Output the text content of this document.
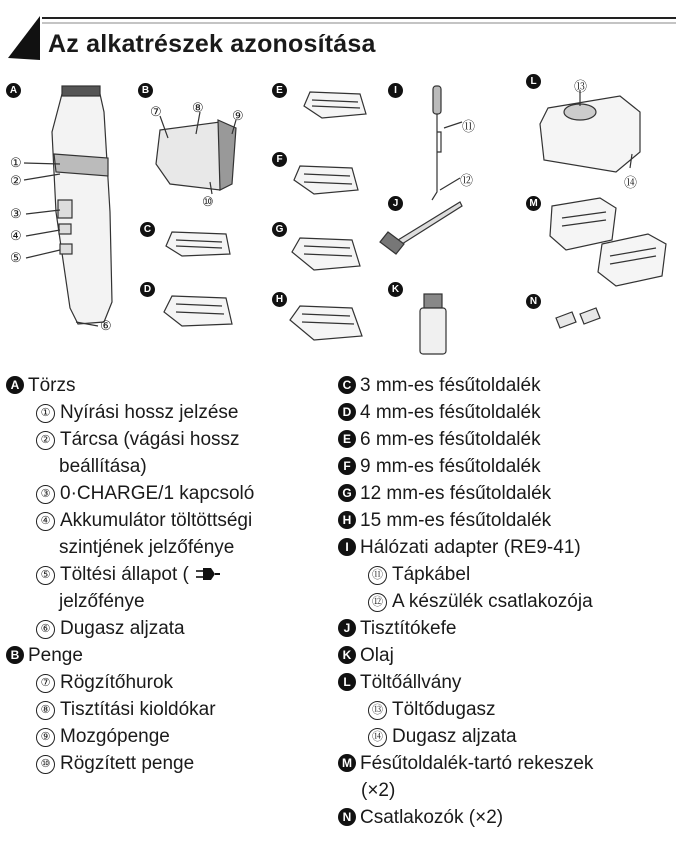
Az alkatrészek azonosítása
A	B
C
D
E
F
G
H
I
J
K
L
M
N
①
②
③
④
⑤
⑥
⑦ ⑧
⑨
⑩
⑪
⑫
⑬
⑭
A Törzs
① Nyírási hossz jelzése
② Tárcsa (vágási hossz
beállítása)
③ 0·CHARGE/1 kapcsoló
④ Akkumulátor töltöttségi
szintjének jelzőfénye
⑤ Töltési állapot (
jelzőfénye
⑥ Dugasz aljzata
B Penge
⑦ Rögzítőhurok
⑧ Tisztítási kioldókar
⑨ Mozgópenge
⑩ Rögzített penge
C 3 mm-es fésűtoldalék
D 4 mm-es fésűtoldalék
E 6 mm-es fésűtoldalék
F 9 mm-es fésűtoldalék
G 12 mm-es fésűtoldalék
H 15 mm-es fésűtoldalék
I Hálózati adapter (RE9-41)
⑪ Tápkábel
⑫ A készülék csatlakozója
J Tisztítókefe
K Olaj
L Töltőállvány
⑬ Töltődugasz
⑭ Dugasz aljzata
M Fésűtoldalék-tartó rekeszek
(×2)
N Csatlakozók (×2)
